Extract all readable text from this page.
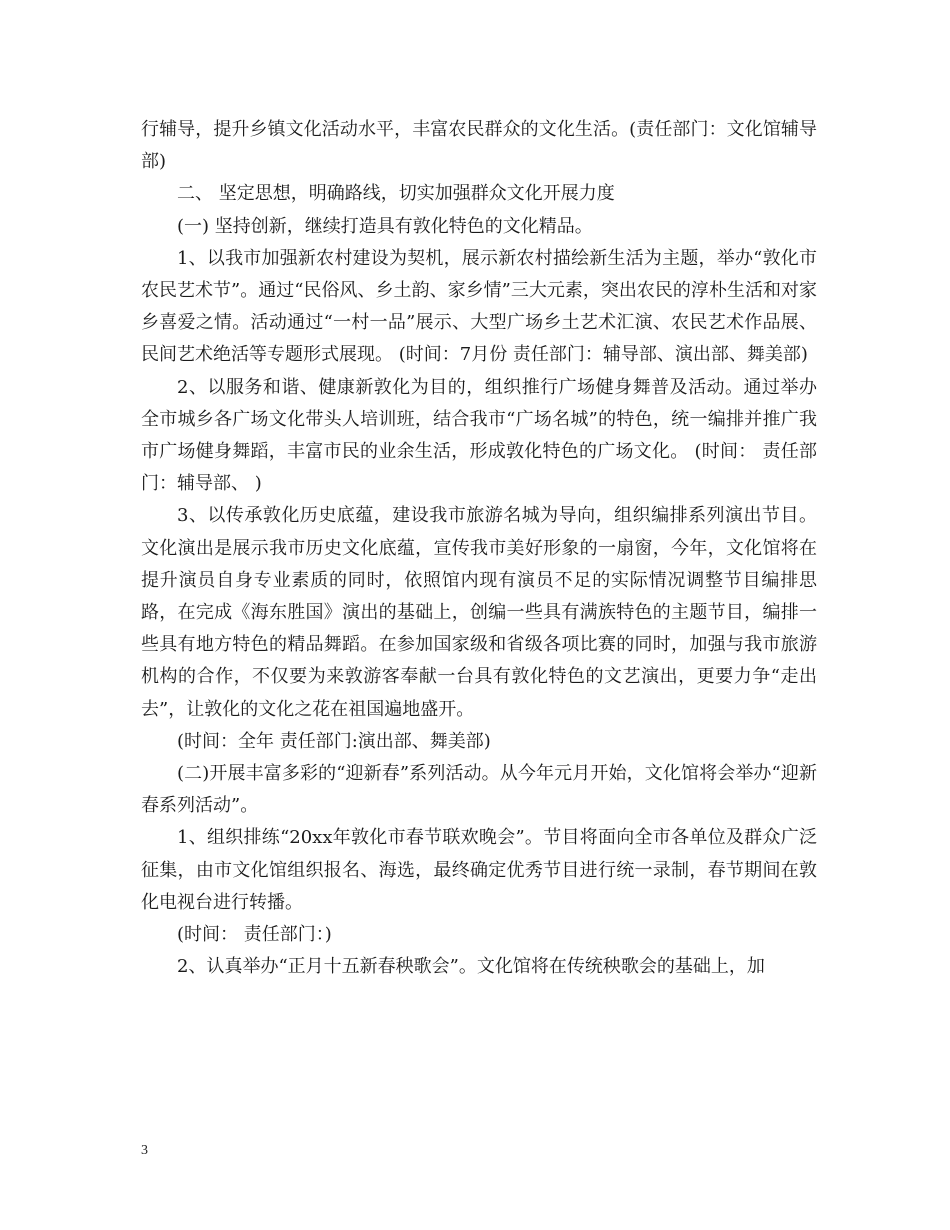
行辅导，提升乡镇文化活动水平，丰富农民群众的文化生活。(责任部门：文化馆辅导部)

二、 坚定思想，明确路线，切实加强群众文化开展力度

(一) 坚持创新，继续打造具有敦化特色的文化精品。

1、以我市加强新农村建设为契机，展示新农村描绘新生活为主题，举办“敦化市农民艺术节”。通过“民俗风、乡土韵、家乡情”三大元素，突出农民的淳朴生活和对家乡喜爱之情。活动通过“一村一品”展示、大型广场乡土艺术汇演、农民艺术作品展、民间艺术绝活等专题形式展现。 (时间：7月份 责任部门：辅导部、演出部、舞美部)

2、以服务和谐、健康新敦化为目的，组织推行广场健身舞普及活动。通过举办全市城乡各广场文化带头人培训班，结合我市“广场名城”的特色，统一编排并推广我市广场健身舞蹈，丰富市民的业余生活，形成敦化特色的广场文化。 (时间： 责任部门：辅导部、 )

3、以传承敦化历史底蕴，建设我市旅游名城为导向，组织编排系列演出节目。文化演出是展示我市历史文化底蕴，宣传我市美好形象的一扇窗，今年，文化馆将在提升演员自身专业素质的同时，依照馆内现有演员不足的实际情况调整节目编排思路，在完成《海东胜国》演出的基础上，创编一些具有满族特色的主题节目，编排一些具有地方特色的精品舞蹈。在参加国家级和省级各项比赛的同时，加强与我市旅游机构的合作，不仅要为来敦游客奉献一台具有敦化特色的文艺演出，更要力争“走出去”，让敦化的文化之花在祖国遍地盛开。

(时间：全年 责任部门:演出部、舞美部)

(二)开展丰富多彩的“迎新春”系列活动。从今年元月开始，文化馆将会举办“迎新春系列活动”。

1、组织排练“20xx年敦化市春节联欢晚会”。节目将面向全市各单位及群众广泛征集，由市文化馆组织报名、海选，最终确定优秀节目进行统一录制，春节期间在敦化电视台进行转播。

(时间： 责任部门：)

2、认真举办“正月十五新春秧歌会”。文化馆将在传统秧歌会的基础上，加

3
